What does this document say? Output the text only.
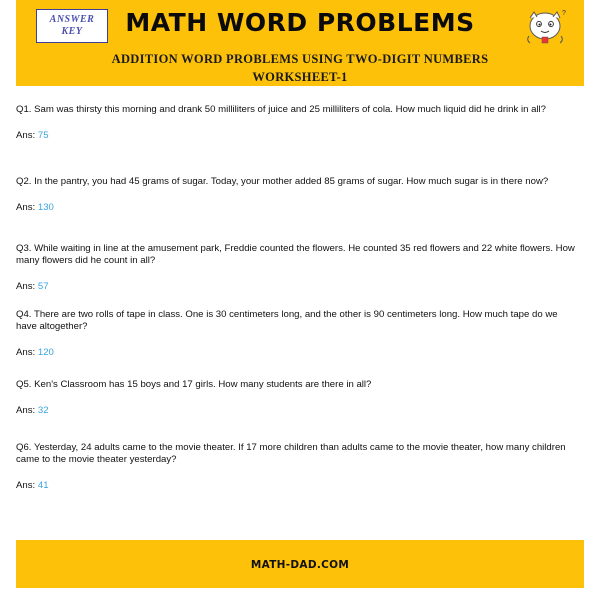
ANSWER
KEY	MATH WORD PROBLEMS	?
ADDITION WORD PROBLEMS USING TWO-DIGIT NUMBERS
WORKSHEET-1

Q1. Sam was thirsty this morning and drank 50 milliliters of juice and 25 milliliters of cola. How much liquid did he drink in all?

Ans: 75

Q2. In the pantry, you had 45 grams of sugar. Today, your mother added 85 grams of sugar. How much sugar is in there now?

Ans: 130

Q3. While waiting in line at the amusement park, Freddie counted the flowers. He counted 35 red flowers and 22 white flowers. How many flowers did he count in all?

Ans: 57

Q4. There are two rolls of tape in class. One is 30 centimeters long, and the other is 90 centimeters long. How much tape do we have altogether?

Ans: 120

Q5. Ken's Classroom has 15 boys and 17 girls. How many students are there in all?

Ans: 32

Q6. Yesterday, 24 adults came to the movie theater. If 17 more children than adults came to the movie theater, how many children came to the movie theater yesterday?

Ans: 41

MATH-DAD.COM
